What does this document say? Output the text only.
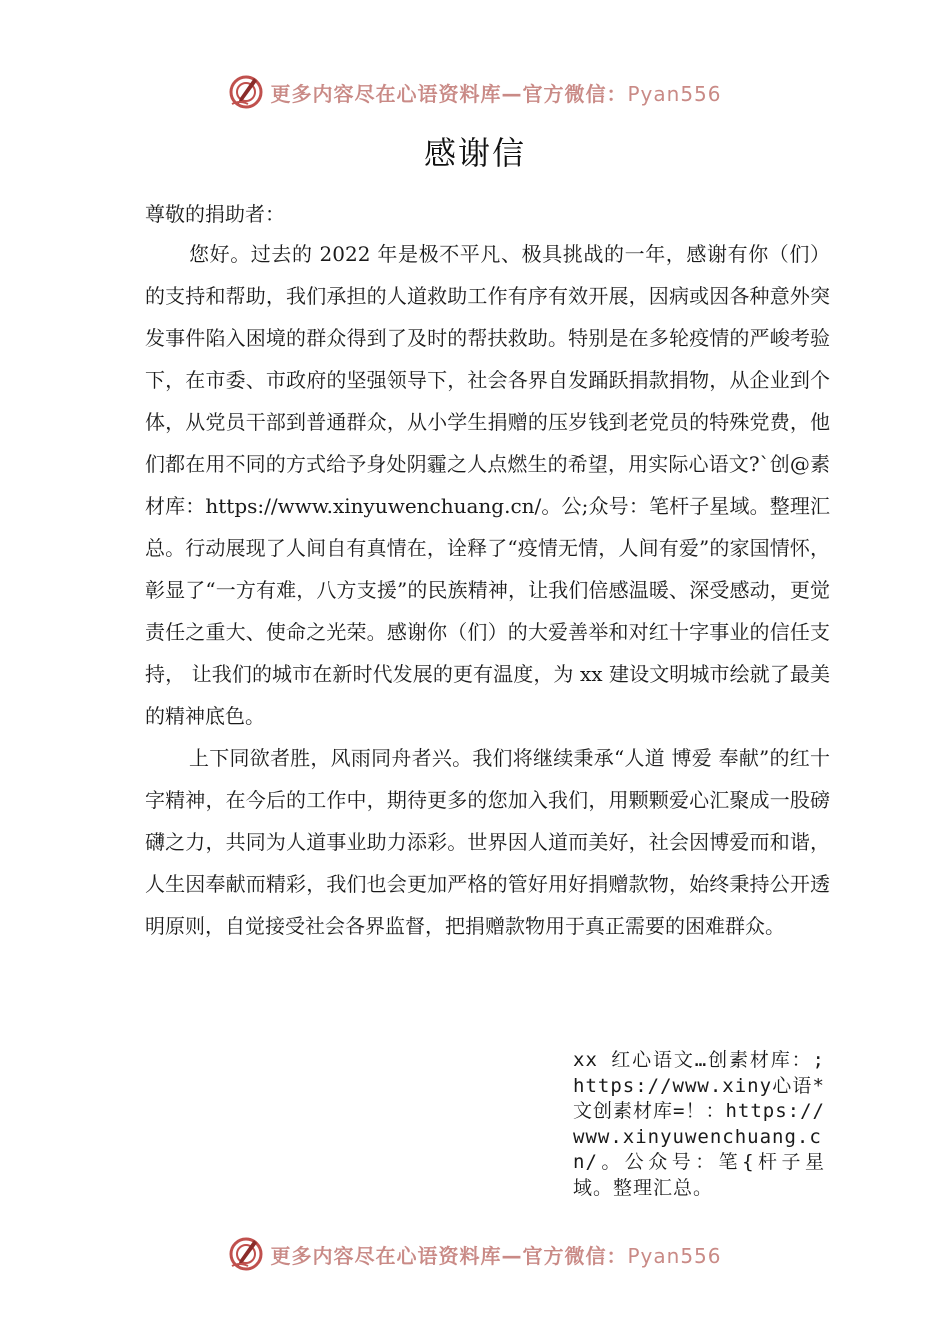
更多内容尽在心语资料库—官方微信：Pyan556
感谢信

尊敬的捐助者：

您好。过去的 2022 年是极不平凡、极具挑战的一年，感谢有你（们）的支持和帮助，我们承担的人道救助工作有序有效开展，因病或因各种意外突发事件陷入困境的群众得到了及时的帮扶救助。特别是在多轮疫情的严峻考验下，在市委、市政府的坚强领导下，社会各界自发踊跃捐款捐物，从企业到个体，从党员干部到普通群众，从小学生捐赠的压岁钱到老党员的特殊党费，他们都在用不同的方式给予身处阴霾之人点燃生的希望，用实际心语文?`创@素材库：https://www.xinyuwenchuang.cn/。公;众号：笔杆子星域。整理汇总。行动展现了人间自有真情在，诠释了“疫情无情，人间有爱”的家国情怀，彰显了“一方有难，八方支援”的民族精神，让我们倍感温暖、深受感动，更觉责任之重大、使命之光荣。感谢你（们）的大爱善举和对红十字事业的信任支持， 让我们的城市在新时代发展的更有温度，为 xx 建设文明城市绘就了最美的精神底色。

上下同欲者胜，风雨同舟者兴。我们将继续秉承“人道 博爱 奉献”的红十字精神，在今后的工作中，期待更多的您加入我们，用颗颗爱心汇聚成一股磅礴之力，共同为人道事业助力添彩。世界因人道而美好，社会因博爱而和谐，人生因奉献而精彩，我们也会更加严格的管好用好捐赠款物，始终秉持公开透明原则，自觉接受社会各界监督，把捐赠款物用于真正需要的困难群众。

xx 红心语文…创素材库：;https://www.xiny心语*文创素材库=！：https://www.xinyuwenchuang.cn/。公众号：笔{杆子星域。整理汇总。
更多内容尽在心语资料库—官方微信：Pyan556
